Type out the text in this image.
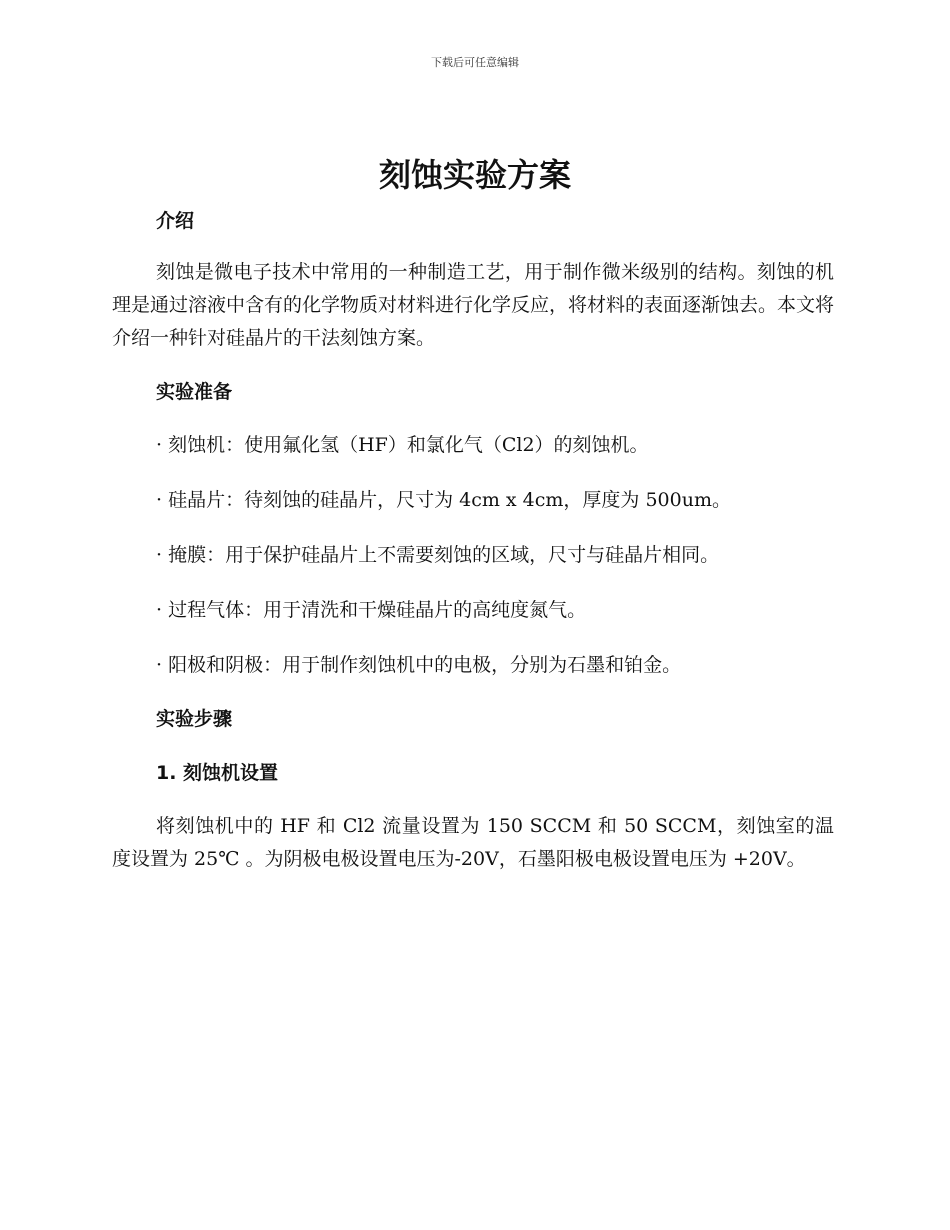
下载后可任意编辑
刻蚀实验方案
介绍

刻蚀是微电子技术中常用的一种制造工艺，用于制作微米级别的结构。刻蚀的机理是通过溶液中含有的化学物质对材料进行化学反应，将材料的表面逐渐蚀去。本文将介绍一种针对硅晶片的干法刻蚀方案。

实验准备
· 刻蚀机：使用氟化氢（HF）和氯化气（Cl2）的刻蚀机。
· 硅晶片：待刻蚀的硅晶片，尺寸为 4cm x 4cm，厚度为 500um。
· 掩膜：用于保护硅晶片上不需要刻蚀的区域，尺寸与硅晶片相同。
· 过程气体：用于清洗和干燥硅晶片的高纯度氮气。
· 阳极和阴极：用于制作刻蚀机中的电极，分别为石墨和铂金。
实验步骤
1. 刻蚀机设置

将刻蚀机中的 HF 和 Cl2 流量设置为 150 SCCM 和 50 SCCM，刻蚀室的温度设置为 25℃ 。为阴极电极设置电压为-20V，石墨阳极电极设置电压为 +20V。
